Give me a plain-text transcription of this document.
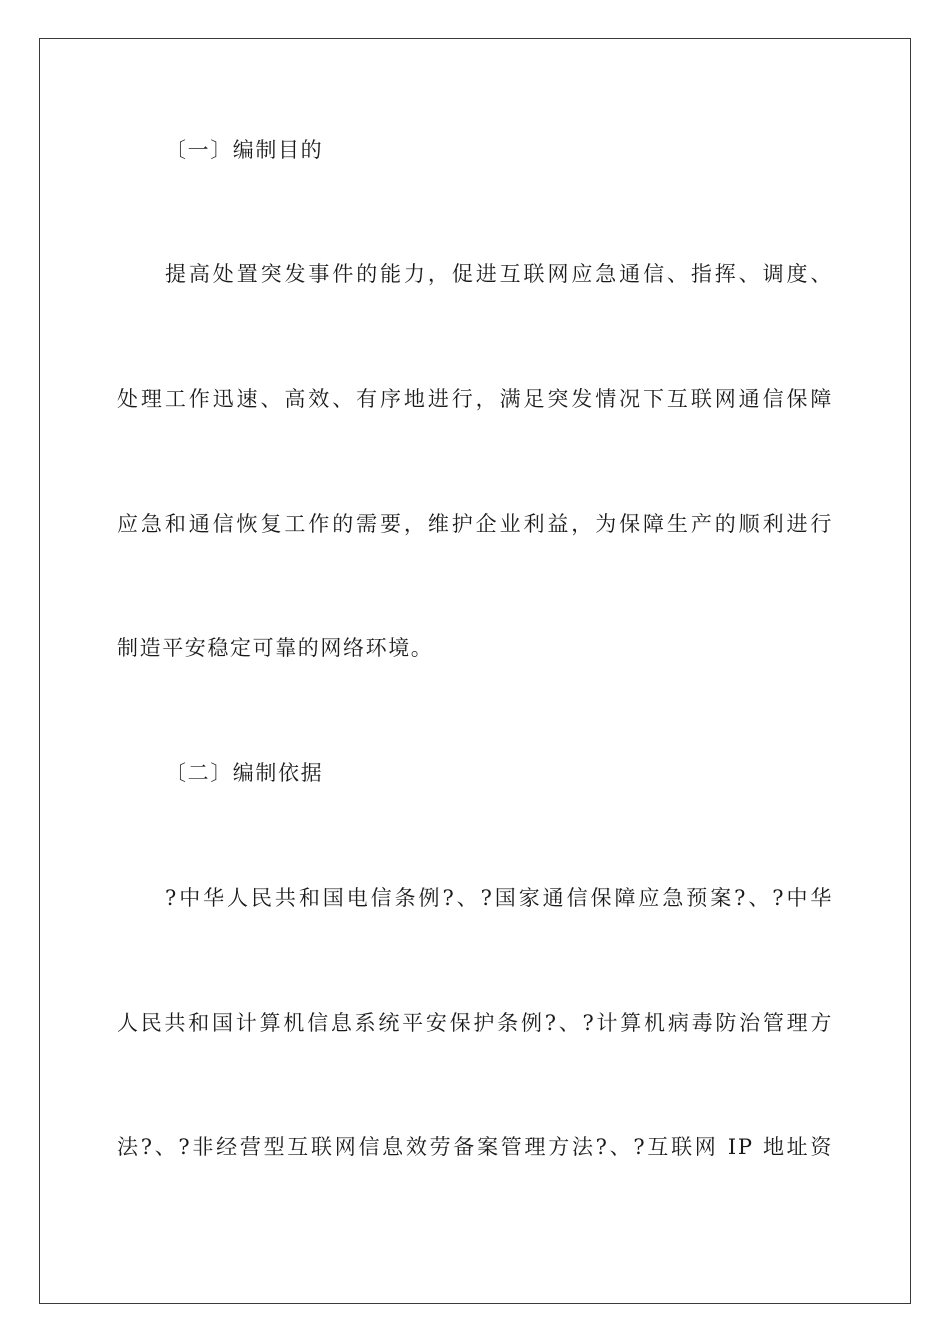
〔一〕编制目的
提高处置突发事件的能力，促进互联网应急通信、指挥、调度、
处理工作迅速、高效、有序地进行，满足突发情况下互联网通信保障
应急和通信恢复工作的需要，维护企业利益，为保障生产的顺利进行
制造平安稳定可靠的网络环境。
〔二〕编制依据
?中华人民共和国电信条例?、?国家通信保障应急预案?、?中华
人民共和国计算机信息系统平安保护条例?、?计算机病毒防治管理方
法?、?非经营型互联网信息效劳备案管理方法?、?互联网 IP 地址资
